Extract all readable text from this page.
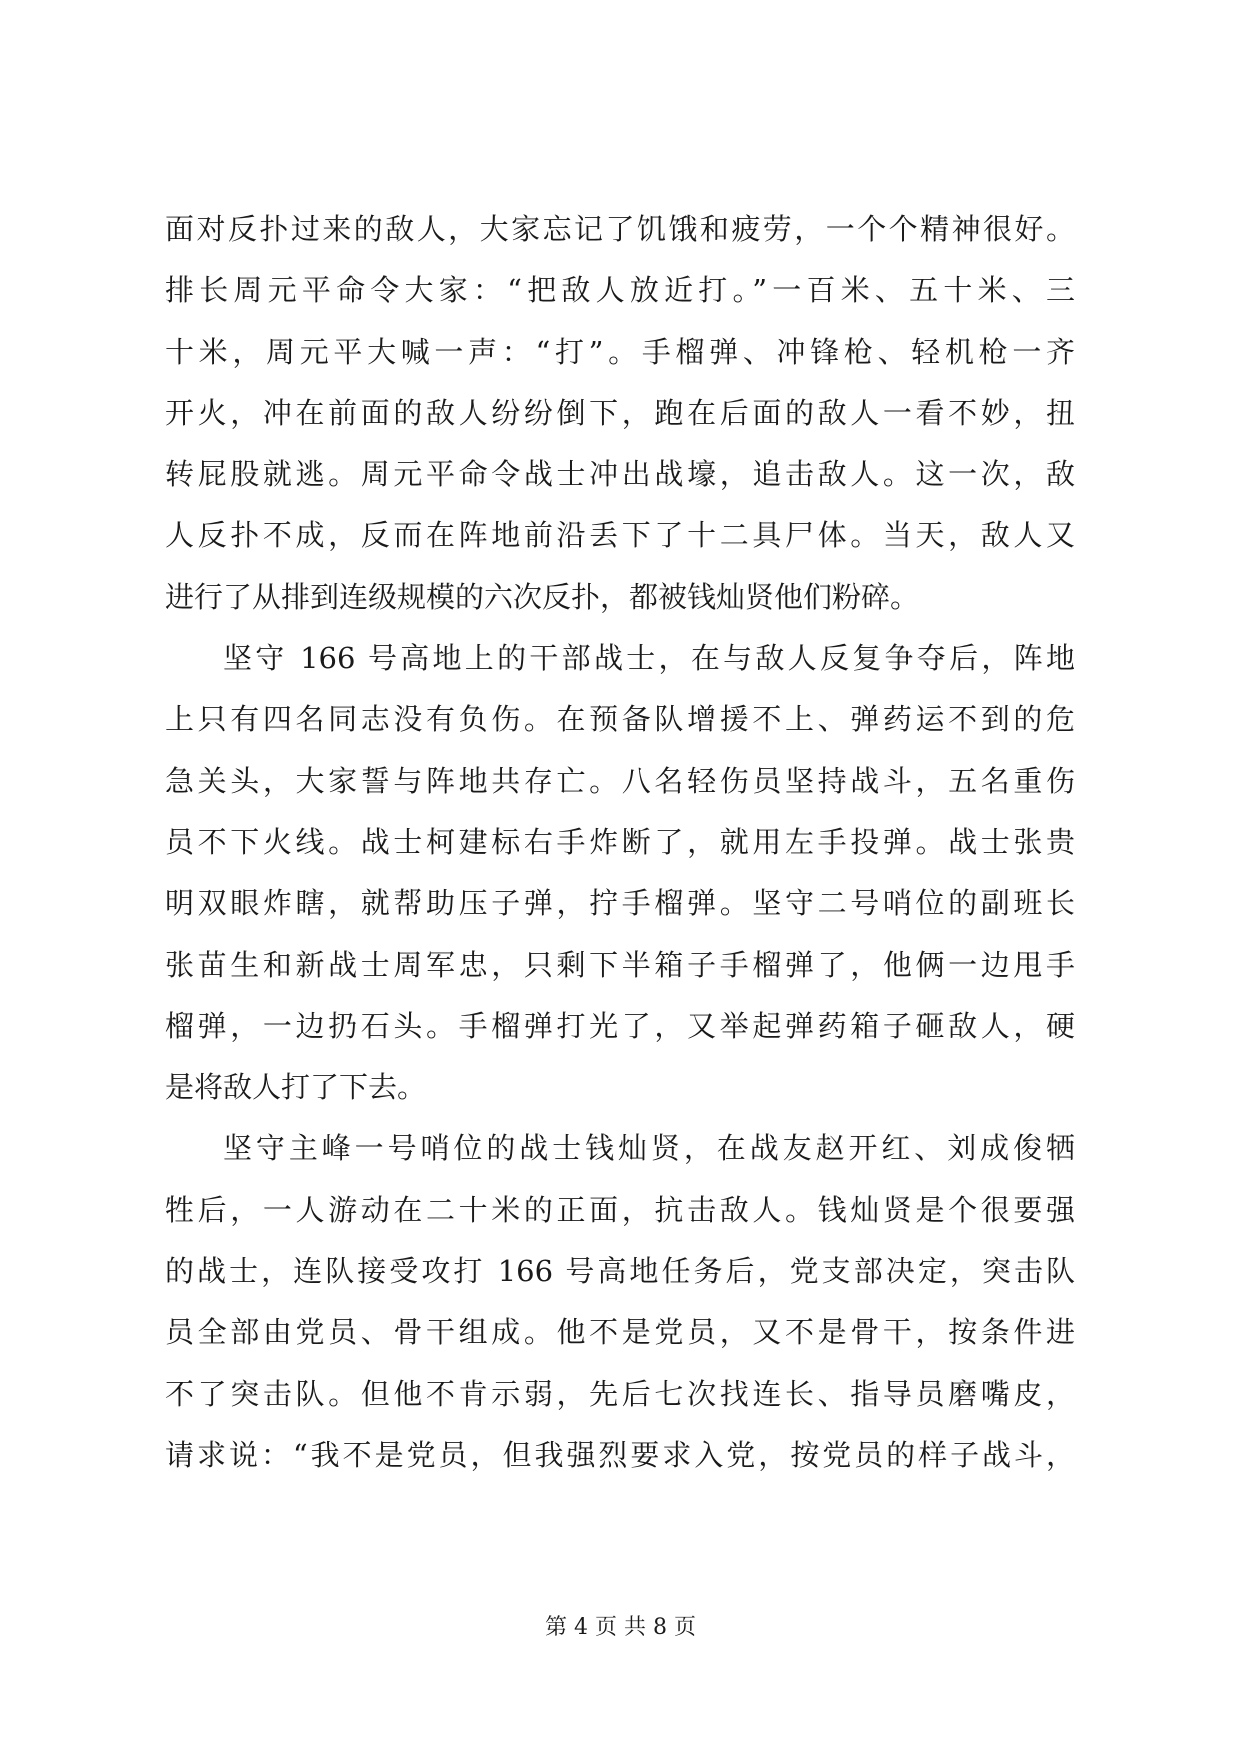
面对反扑过来的敌人，大家忘记了饥饿和疲劳，一个个精神很好。
排长周元平命令大家：“把敌人放近打。”一百米、五十米、三
十米，周元平大喊一声：“打”。手榴弹、冲锋枪、轻机枪一齐
开火，冲在前面的敌人纷纷倒下，跑在后面的敌人一看不妙，扭
转屁股就逃。周元平命令战士冲出战壕，追击敌人。这一次，敌
人反扑不成，反而在阵地前沿丢下了十二具尸体。当天，敌人又
进行了从排到连级规模的六次反扑，都被钱灿贤他们粉碎。
坚守 166 号高地上的干部战士，在与敌人反复争夺后，阵地
上只有四名同志没有负伤。在预备队增援不上、弹药运不到的危
急关头，大家誓与阵地共存亡。八名轻伤员坚持战斗，五名重伤
员不下火线。战士柯建标右手炸断了，就用左手投弹。战士张贵
明双眼炸瞎，就帮助压子弹，拧手榴弹。坚守二号哨位的副班长
张苗生和新战士周军忠，只剩下半箱子手榴弹了，他俩一边甩手
榴弹，一边扔石头。手榴弹打光了，又举起弹药箱子砸敌人，硬
是将敌人打了下去。
坚守主峰一号哨位的战士钱灿贤，在战友赵开红、刘成俊牺
牲后，一人游动在二十米的正面，抗击敌人。钱灿贤是个很要强
的战士，连队接受攻打 166 号高地任务后，党支部决定，突击队
员全部由党员、骨干组成。他不是党员，又不是骨干，按条件进
不了突击队。但他不肯示弱，先后七次找连长、指导员磨嘴皮，
请求说：“我不是党员，但我强烈要求入党，按党员的样子战斗，
第 4 页 共 8 页
